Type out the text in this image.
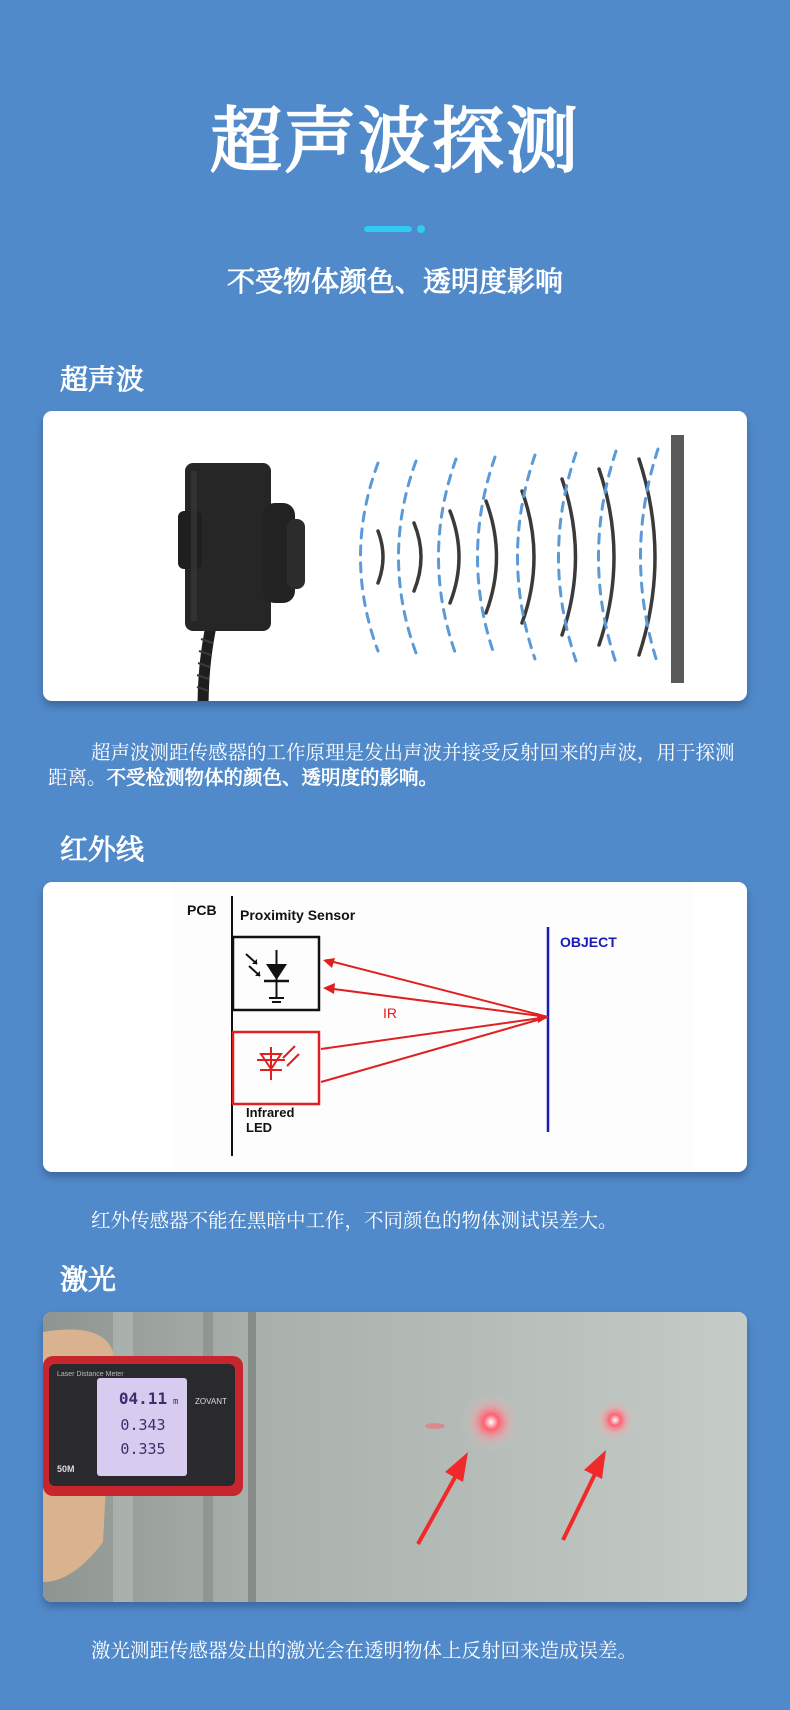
超声波探测
不受物体颜色、透明度影响
超声波
超声波测距传感器的工作原理是发出声波并接受反射回来的声波，用于探测距离。不受检测物体的颜色、透明度的影响。
红外线
PCB Proximity Sensor
Infrared
LED
OBJECT
IR
红外传感器不能在黑暗中工作，不同颜色的物体测试误差大。
激光
04.11 m
0.343
0.335
ZOVANT
Laser Distance Meter
50M
激光测距传感器发出的激光会在透明物体上反射回来造成误差。
